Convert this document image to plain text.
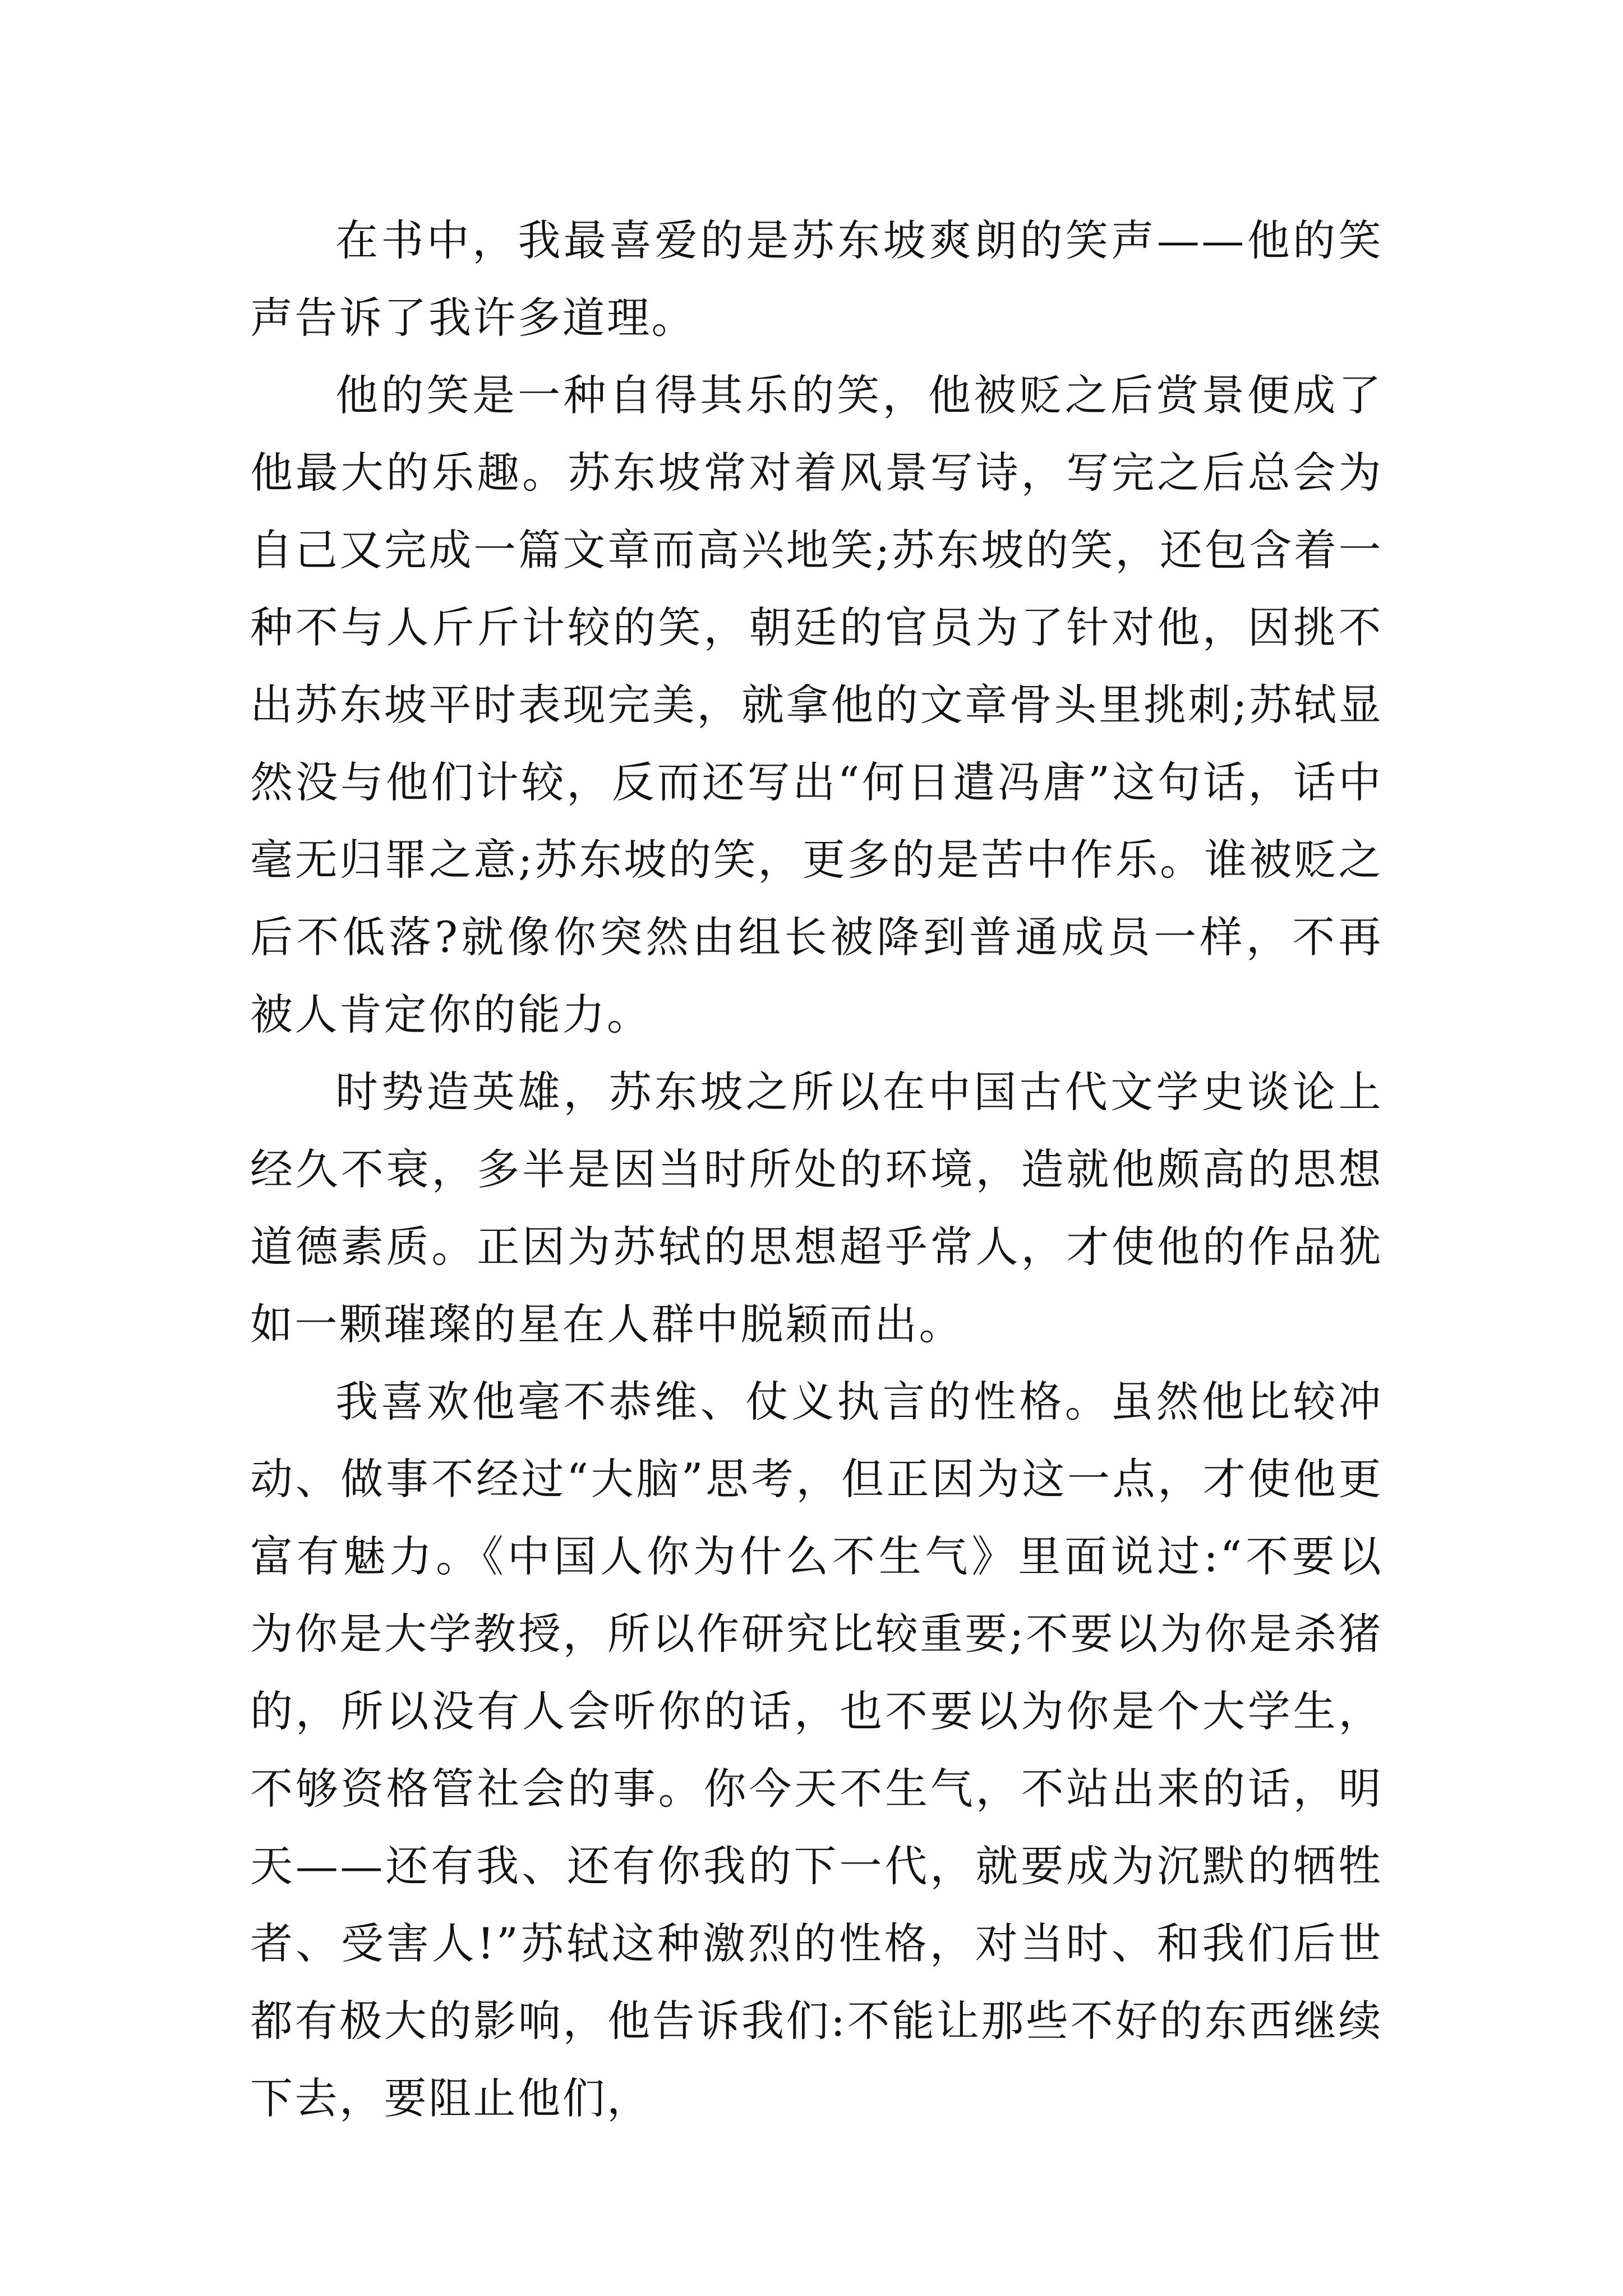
在书中，我最喜爱的是苏东坡爽朗的笑声——他的笑声告诉了我许多道理。

他的笑是一种自得其乐的笑，他被贬之后赏景便成了他最大的乐趣。苏东坡常对着风景写诗，写完之后总会为自己又完成一篇文章而高兴地笑;苏东坡的笑，还包含着一种不与人斤斤计较的笑，朝廷的官员为了针对他，因挑不出苏东坡平时表现完美，就拿他的文章骨头里挑刺;苏轼显然没与他们计较，反而还写出“何日遣冯唐”这句话，话中毫无归罪之意;苏东坡的笑，更多的是苦中作乐。谁被贬之后不低落?就像你突然由组长被降到普通成员一样，不再被人肯定你的能力。

时势造英雄，苏东坡之所以在中国古代文学史谈论上经久不衰，多半是因当时所处的环境，造就他颇高的思想道德素质。正因为苏轼的思想超乎常人，才使他的作品犹如一颗璀璨的星在人群中脱颖而出。

我喜欢他毫不恭维、仗义执言的性格。虽然他比较冲动、做事不经过“大脑”思考，但正因为这一点，才使他更富有魅力。《中国人你为什么不生气》里面说过:“不要以为你是大学教授，所以作研究比较重要;不要以为你是杀猪的，所以没有人会听你的话，也不要以为你是个大学生，不够资格管社会的事。你今天不生气，不站出来的话，明天——还有我、还有你我的下一代，就要成为沉默的牺牲者、受害人!”苏轼这种激烈的性格，对当时、和我们后世都有极大的影响，他告诉我们:不能让那些不好的东西继续下去，要阻止他们，
